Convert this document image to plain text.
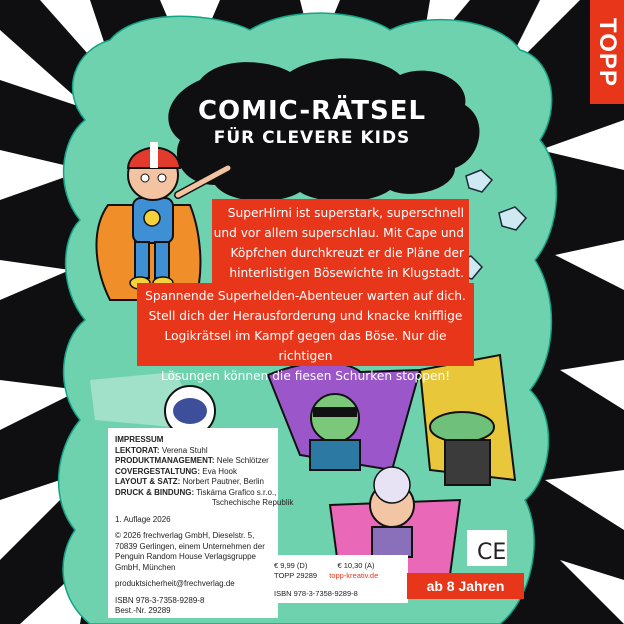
TOPP
COMIC-RÄTSEL
FÜR CLEVERE KIDS
SuperHirni ist superstark, superschnell
und vor allem superschlau. Mit Cape und
Köpfchen durchkreuzt er die Pläne der
hinterlistigen Bösewichte in Klugstadt.
Spannende Superhelden-Abenteuer warten auf dich.
Stell dich der Herausforderung und knacke knifflige
Logikrätsel im Kampf gegen das Böse. Nur die richtigen
Lösungen können die fiesen Schurken stoppen!
IMPRESSUM
LEKTORAT: Verena Stuhl
PRODUKTMANAGEMENT: Nele Schlötzer
COVERGESTALTUNG: Eva Hook
LAYOUT & SATZ: Norbert Pautner, Berlin
DRUCK & BINDUNG: Tiskárna Grafico s.r.o.,
Tschechische Republik
1. Auflage 2026
© 2026 frechverlag GmbH, Dieselstr. 5,
70839 Gerlingen, einem Unternehmen der
Penguin Random House Verlagsgruppe
GmbH, München
produktsicherheit@frechverlag.de
ISBN 978-3-7358-9289-8
Best.-Nr. 29289
€ 9,99 (D)	€ 10,30 (A)
TOPP 29289 topp-kreativ.de
ISBN 978-3-7358-9289-8
CE
ab 8 Jahren
